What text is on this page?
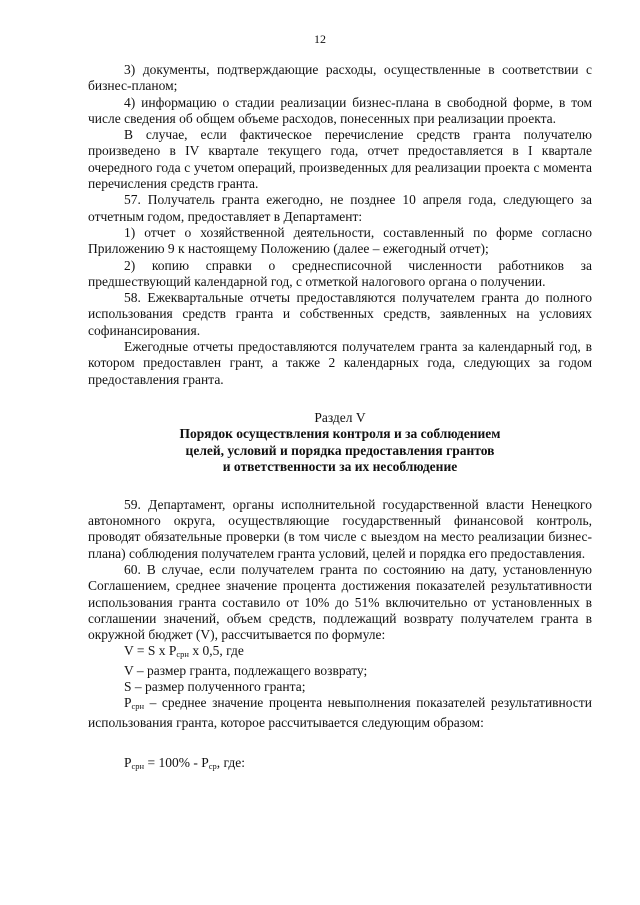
12

3) документы, подтверждающие расходы, осуществленные в соответствии с бизнес-планом;

4) информацию о стадии реализации бизнес-плана в свободной форме, в том числе сведения об общем объеме расходов, понесенных при реализации проекта.

В случае, если фактическое перечисление средств гранта получателю произведено в IV квартале текущего года, отчет предоставляется в I квартале очередного года с учетом операций, произведенных для реализации проекта с момента перечисления средств гранта.

57. Получатель гранта ежегодно, не позднее 10 апреля года, следующего за отчетным годом, предоставляет в Департамент:

1) отчет о хозяйственной деятельности, составленный по форме согласно Приложению 9 к настоящему Положению (далее – ежегодный отчет);

2) копию справки о среднесписочной численности работников за предшествующий календарной год, с отметкой налогового органа о получении.

58. Ежеквартальные отчеты предоставляются получателем гранта до полного использования средств гранта и собственных средств, заявленных на условиях софинансирования.

Ежегодные отчеты предоставляются получателем гранта за календарный год, в котором предоставлен грант, а также 2 календарных года, следующих за годом предоставления гранта.

Раздел V
Порядок осуществления контроля и за соблюдением
целей, условий и порядка предоставления грантов
и ответственности за их несоблюдение

59. Департамент, органы исполнительной государственной власти Ненецкого автономного округа, осуществляющие государственный финансовой контроль, проводят обязательные проверки (в том числе с выездом на место реализации бизнес-плана) соблюдения получателем гранта условий, целей и порядка его предоставления.

60. В случае, если получателем гранта по состоянию на дату, установленную Соглашением, среднее значение процента достижения показателей результативности использования гранта составило от 10% до 51% включительно от установленных в соглашении значений, объем средств, подлежащий возврату получателем гранта в окружной бюджет (V), рассчитывается по формуле:

V = S x $P_{срн}$ x 0,5, где

V – размер гранта, подлежащего возврату;

S – размер полученного гранта;

$P_{срн}$ – среднее значение процента невыполнения показателей результативности использования гранта, которое рассчитывается следующим образом:

$P_{срн} = 100\% - P_{ср}$, где:
